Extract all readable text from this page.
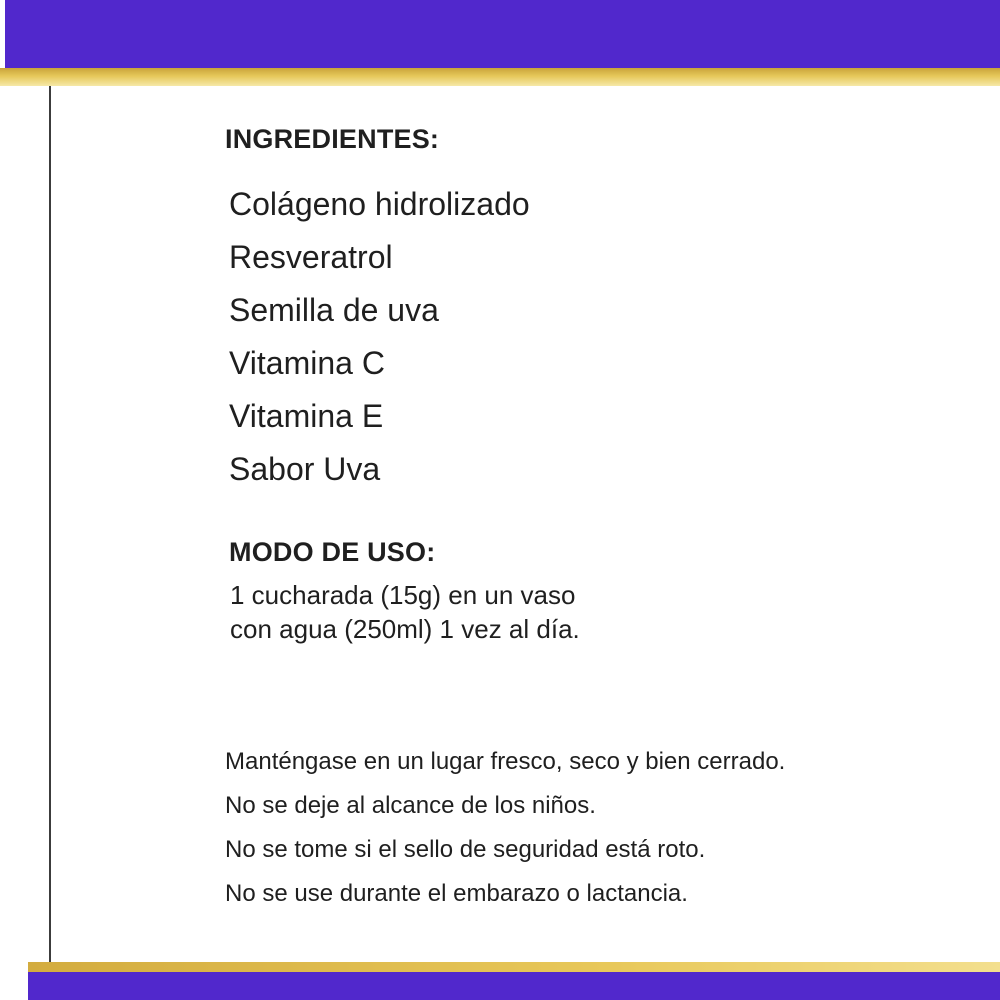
INGREDIENTES:
Colágeno hidrolizado
Resveratrol
Semilla de uva
Vitamina C
Vitamina E
Sabor Uva
MODO DE USO:
1 cucharada (15g) en un vaso
con agua (250ml) 1 vez al día.
Manténgase en un lugar fresco, seco y bien cerrado.
No se deje al alcance de los niños.
No se tome si el sello de seguridad está roto.
No se use durante el embarazo o lactancia.
